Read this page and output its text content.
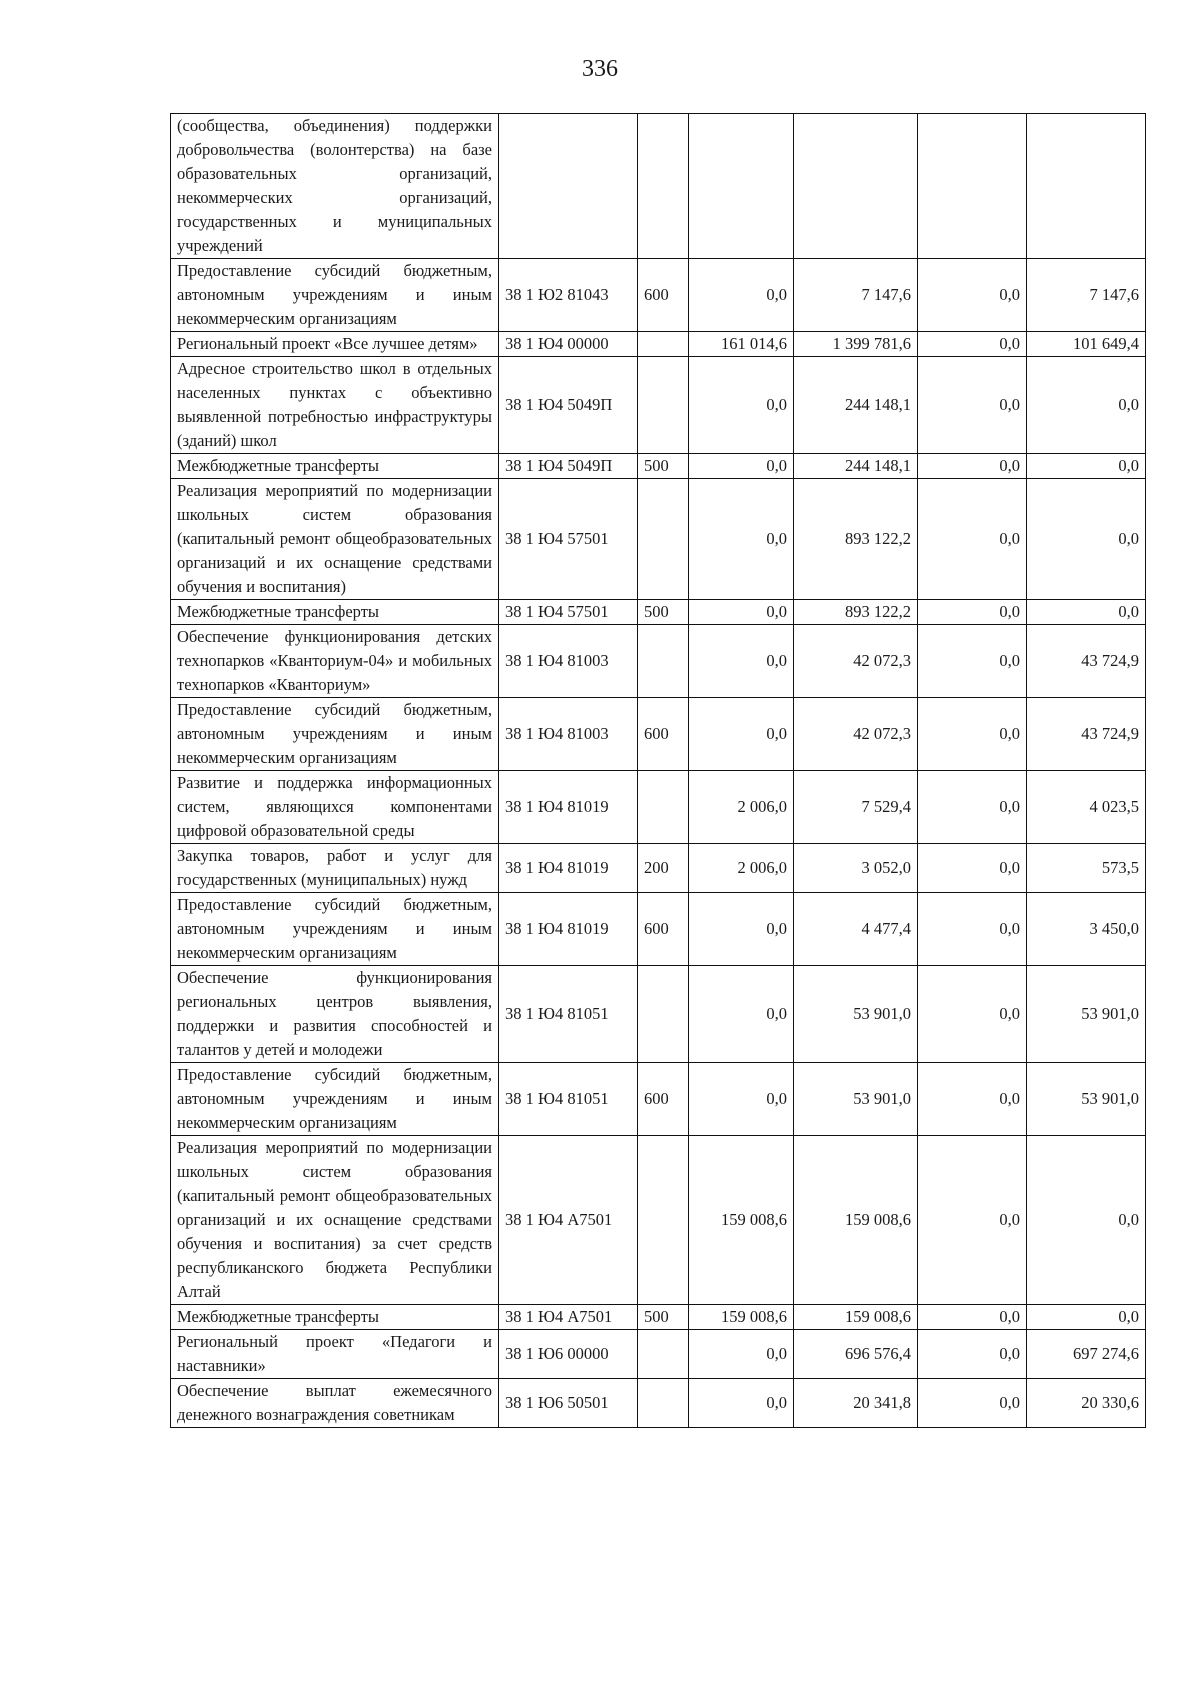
336
(сообщества, объединения) поддержки добровольчества (волонтерства) на базе образовательных организаций, некоммерческих организаций, государственных и муниципальных учреждений						
Предоставление субсидий бюджетным, автономным учреждениям и иным некоммерческим организациям	38 1 Ю2 81043	600	0,0	7 147,6	0,0	7 147,6
Региональный проект «Все лучшее детям»	38 1 Ю4 00000		161 014,6	1 399 781,6	0,0	101 649,4
Адресное строительство школ в отдельных населенных пунктах с объективно выявленной потребностью инфраструктуры (зданий) школ	38 1 Ю4 5049П		0,0	244 148,1	0,0	0,0
Межбюджетные трансферты	38 1 Ю4 5049П	500	0,0	244 148,1	0,0	0,0
Реализация мероприятий по модернизации школьных систем образования (капитальный ремонт общеобразовательных организаций и их оснащение средствами обучения и воспитания)	38 1 Ю4 57501		0,0	893 122,2	0,0	0,0
Межбюджетные трансферты	38 1 Ю4 57501	500	0,0	893 122,2	0,0	0,0
Обеспечение функционирования детских технопарков «Кванториум-04» и мобильных технопарков «Кванториум»	38 1 Ю4 81003		0,0	42 072,3	0,0	43 724,9
Предоставление субсидий бюджетным, автономным учреждениям и иным некоммерческим организациям	38 1 Ю4 81003	600	0,0	42 072,3	0,0	43 724,9
Развитие и поддержка информационных систем, являющихся компонентами цифровой образовательной среды	38 1 Ю4 81019		2 006,0	7 529,4	0,0	4 023,5
Закупка товаров, работ и услуг для государственных (муниципальных) нужд	38 1 Ю4 81019	200	2 006,0	3 052,0	0,0	573,5
Предоставление субсидий бюджетным, автономным учреждениям и иным некоммерческим организациям	38 1 Ю4 81019	600	0,0	4 477,4	0,0	3 450,0
Обеспечение функционирования региональных центров выявления, поддержки и развития способностей и талантов у детей и молодежи	38 1 Ю4 81051		0,0	53 901,0	0,0	53 901,0
Предоставление субсидий бюджетным, автономным учреждениям и иным некоммерческим организациям	38 1 Ю4 81051	600	0,0	53 901,0	0,0	53 901,0
Реализация мероприятий по модернизации школьных систем образования (капитальный ремонт общеобразовательных организаций и их оснащение средствами обучения и воспитания) за счет средств республиканского бюджета Республики Алтай	38 1 Ю4 А7501		159 008,6	159 008,6	0,0	0,0
Межбюджетные трансферты	38 1 Ю4 А7501	500	159 008,6	159 008,6	0,0	0,0
Региональный проект «Педагоги и наставники»	38 1 Ю6 00000		0,0	696 576,4	0,0	697 274,6
Обеспечение выплат ежемесячного денежного вознаграждения советникам	38 1 Ю6 50501		0,0	20 341,8	0,0	20 330,6
